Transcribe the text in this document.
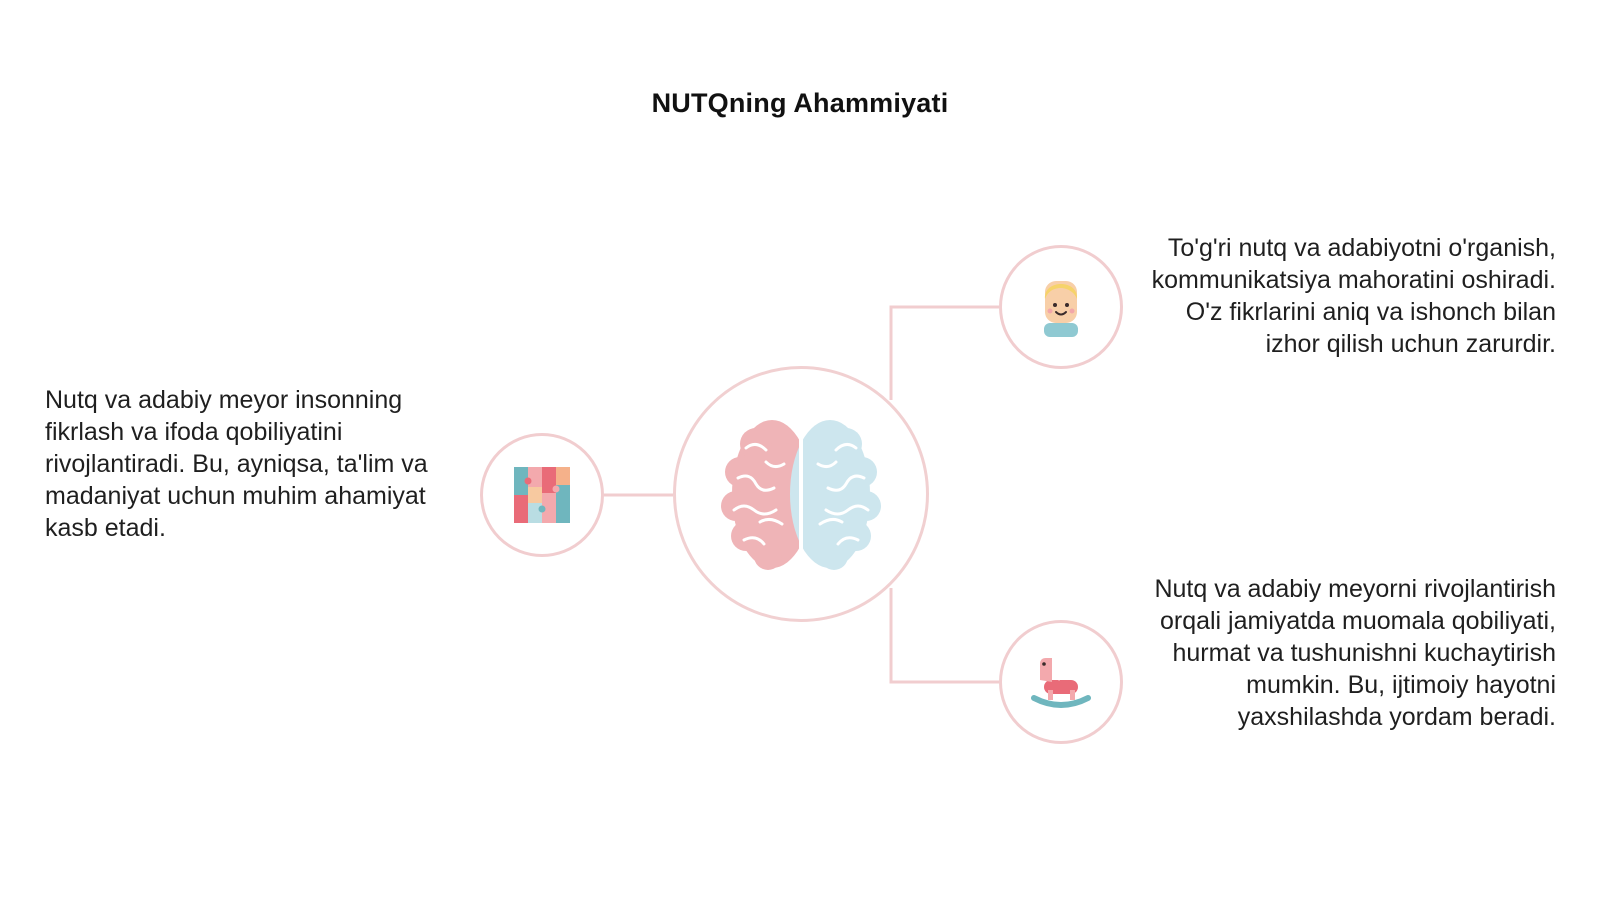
NUTQning Ahammiyati
Nutq va adabiy meyor insonning fikrlash va ifoda qobiliyatini rivojlantiradi. Bu, ayniqsa, ta'lim va madaniyat uchun muhim ahamiyat kasb etadi.
To'g'ri nutq va adabiyotni o'rganish, kommunikatsiya mahoratini oshiradi. O'z fikrlarini aniq va ishonch bilan izhor qilish uchun zarurdir.
Nutq va adabiy meyorni rivojlantirish orqali jamiyatda muomala qobiliyati, hurmat va tushunishni kuchaytirish mumkin. Bu, ijtimoiy hayotni yaxshilashda yordam beradi.
